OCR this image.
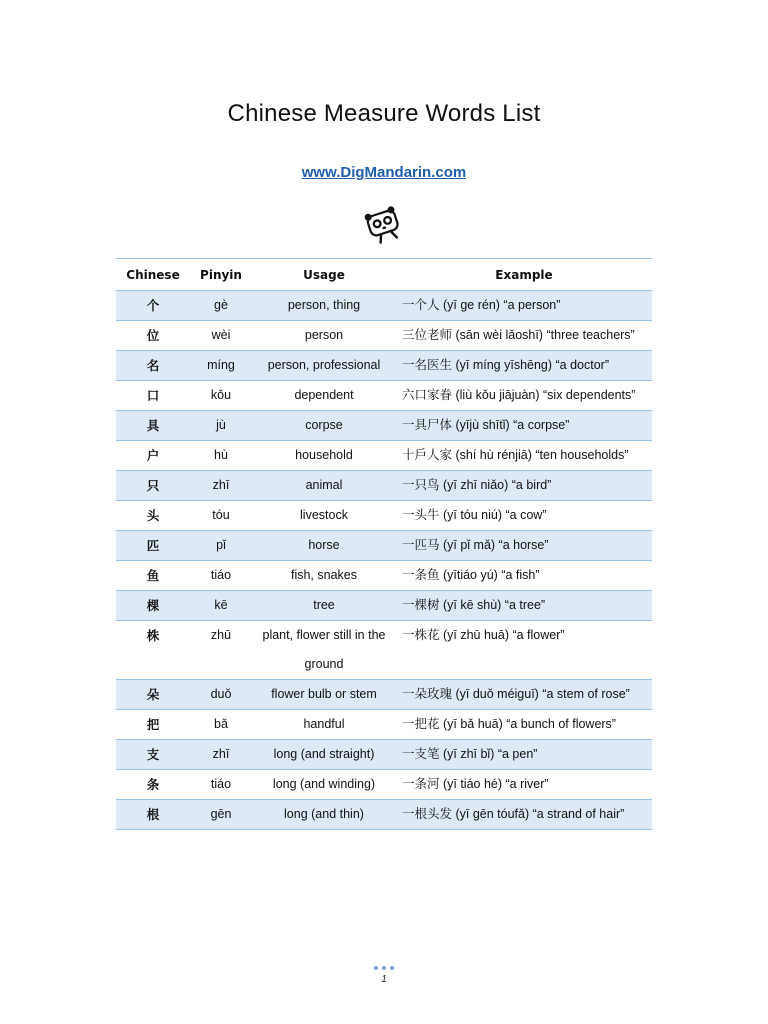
Chinese Measure Words List
www.DigMandarin.com
Chinese	Pinyin	Usage	Example
个	gè	person, thing	一个人 (yī ge rén) “a person”
位	wèi	person	三位老师 (sān wèi lǎoshī) “three teachers”
名	míng	person, professional	一名医生 (yī míng yīshēng) “a doctor”
口	kǒu	dependent	六口家眷 (liù kǒu jiājuàn) “six dependents”
具	jù	corpse	一具尸体 (yījù shītǐ) “a corpse”
户	hù	household	十戶人家 (shí hù rénjiā) “ten households”
只	zhī	animal	一只鸟 (yī zhī niǎo) “a bird”
头	tóu	livestock	一头牛 (yī tóu niú) “a cow”
匹	pǐ	horse	一匹马 (yī pǐ mǎ) “a horse”
鱼	tiáo	fish, snakes	一条鱼 (yītiáo yú) “a fish”
棵	kē	tree	一棵树 (yī kē shù) “a tree”
株	zhū	plant, flower still in the ground	一株花 (yī zhū huā) “a flower”
朵	duǒ	flower bulb or stem	一朵玫瑰 (yī duǒ méiguī) “a stem of rose”
把	bǎ	handful	一把花 (yī bǎ huā) “a bunch of flowers”
支	zhī	long (and straight)	一支笔 (yī zhī bǐ) “a pen”
条	tiáo	long (and winding)	一条河 (yī tiáo hé) “a river”
根	gēn	long (and thin)	一根头发 (yī gēn tóufǎ) “a strand of hair”
1
